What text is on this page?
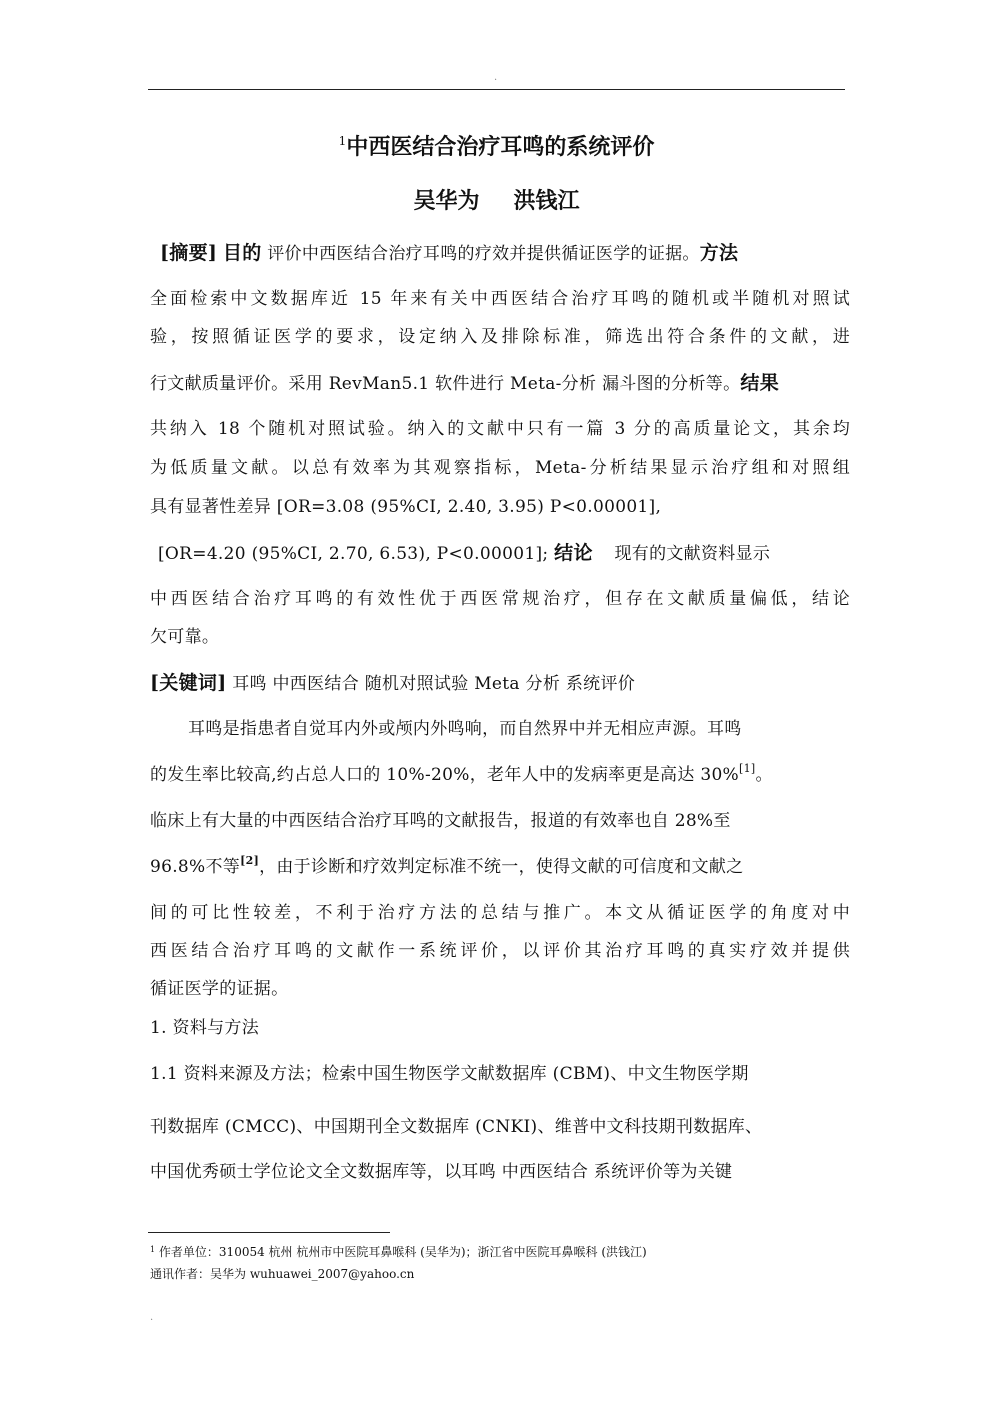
.
$^1$中西医结合治疗耳鸣的系统评价
吴华为 洪钱江
[摘要] 目的 评价中西医结合治疗耳鸣的疗效并提供循证医学的证据。方法
全面检索中文数据库近 15 年来有关中西医结合治疗耳鸣的随机或半随机对照试
验，按照循证医学的要求，设定纳入及排除标准，筛选出符合条件的文献，进
行文献质量评价。采用 RevMan5.1 软件进行 Meta-分析 漏斗图的分析等。结果
共纳入 18 个随机对照试验。纳入的文献中只有一篇 3 分的高质量论文，其余均
为低质量文献。以总有效率为其观察指标，Meta-分析结果显示治疗组和对照组
具有显著性差异 [OR=3.08 (95%CI, 2.40, 3.95) P<0.00001],
[OR=4.20 (95%CI, 2.70, 6.53), P<0.00001]; 结论 现有的文献资料显示
中西医结合治疗耳鸣的有效性优于西医常规治疗，但存在文献质量偏低，结论
欠可靠。
[关键词] 耳鸣 中西医结合 随机对照试验 Meta 分析 系统评价
耳鸣是指患者自觉耳内外或颅内外鸣响，而自然界中并无相应声源。耳鸣
的发生率比较高,约占总人口的 10%-20%，老年人中的发病率更是高达 30%[1]。
临床上有大量的中西医结合治疗耳鸣的文献报告，报道的有效率也自 28%至
96.8%不等[2]，由于诊断和疗效判定标准不统一，使得文献的可信度和文献之
间的可比性较差，不利于治疗方法的总结与推广。本文从循证医学的角度对中
西医结合治疗耳鸣的文献作一系统评价，以评价其治疗耳鸣的真实疗效并提供
循证医学的证据。
1. 资料与方法
1.1 资料来源及方法；检索中国生物医学文献数据库 (CBM)、中文生物医学期
刊数据库 (CMCC)、中国期刊全文数据库 (CNKI)、维普中文科技期刊数据库、
中国优秀硕士学位论文全文数据库等，以耳鸣 中西医结合 系统评价等为关键
$^1$ 作者单位：310054 杭州 杭州市中医院耳鼻喉科 (吴华为)；浙江省中医院耳鼻喉科 (洪钱江)
通讯作者：吴华为 wuhuawei_2007@yahoo.cn
.
